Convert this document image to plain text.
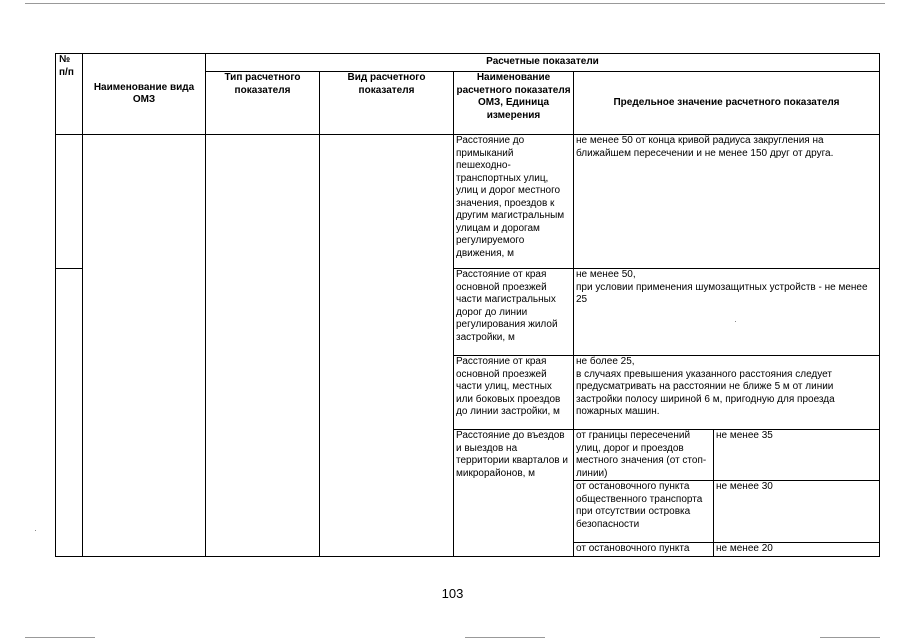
№ п/п	Наименование вида ОМЗ	Расчетные показатели				

		Тип расчетного показателя	Вид расчетного показателя	Наименование расчетного показателя ОМЗ, Единица измерения	Предельное значение расчетного показателя	

				Расстояние до примыканий пешеходно-транспортных улиц, улиц и дорог местного значения, проездов к другим магистральным улицам и дорогам регулируемого движения, м	не менее 50 от конца кривой радиуса закругления на ближайшем пересечении и не менее 150 друг от друга.	

				Расстояние от края основной проезжей части магистральных дорог до линии регулирования жилой застройки, м	не менее 50,
при условии применения шумозащитных устройств - не менее 25	

				Расстояние от края основной проезжей части улиц, местных или боковых проездов до линии застройки, м	не более 25,
в случаях превышения указанного расстояния следует предусматривать на расстоянии не ближе 5 м от линии застройки полосу шириной 6 м, пригодную для проезда пожарных машин.	

				Расстояние до въездов и выездов на территории кварталов и микрорайонов, м	от границы пересечений улиц, дорог и проездов местного значения (от стоп-линии)	не менее 35

					от остановочного пункта общественного транспорта при отсутствии островка безопасности	не менее 30

					от остановочного пункта	не менее 20
103
